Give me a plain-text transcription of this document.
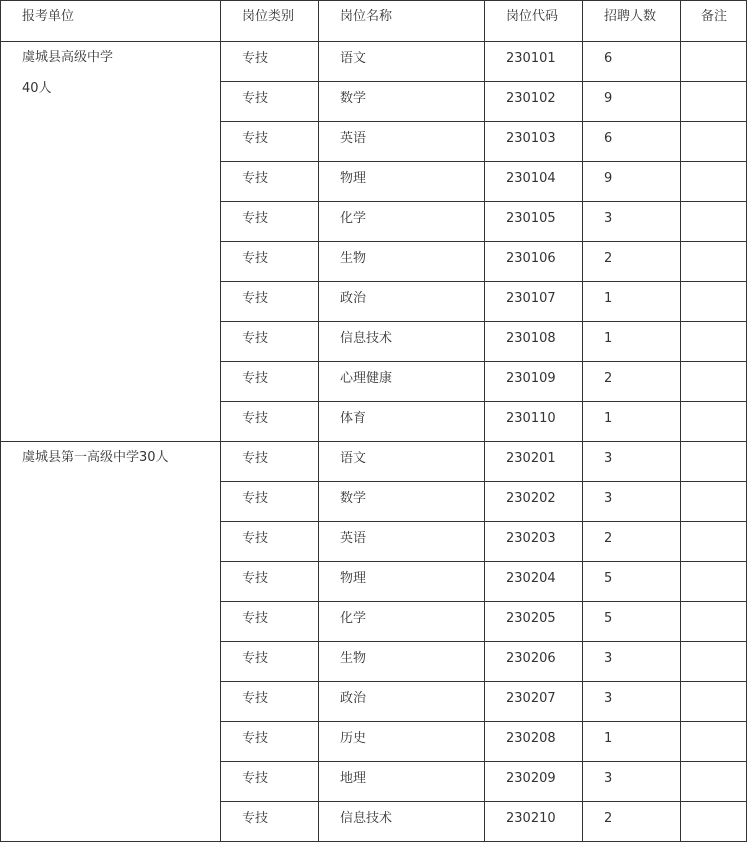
报考单位	岗位类别	岗位名称	岗位代码	招聘人数	备注

虞城县高级中学
40人	专技	语文	230101	6	

	专技	数学	230102	9	

	专技	英语	230103	6	

	专技	物理	230104	9	

	专技	化学	230105	3	

	专技	生物	230106	2	

	专技	政治	230107	1	

	专技	信息技术	230108	1	

	专技	心理健康	230109	2	

	专技	体育	230110	1	

虞城县第一高级中学30人	专技	语文	230201	3	

	专技	数学	230202	3	

	专技	英语	230203	2	

	专技	物理	230204	5	

	专技	化学	230205	5	

	专技	生物	230206	3	

	专技	政治	230207	3	

	专技	历史	230208	1	

	专技	地理	230209	3	

	专技	信息技术	230210	2	
